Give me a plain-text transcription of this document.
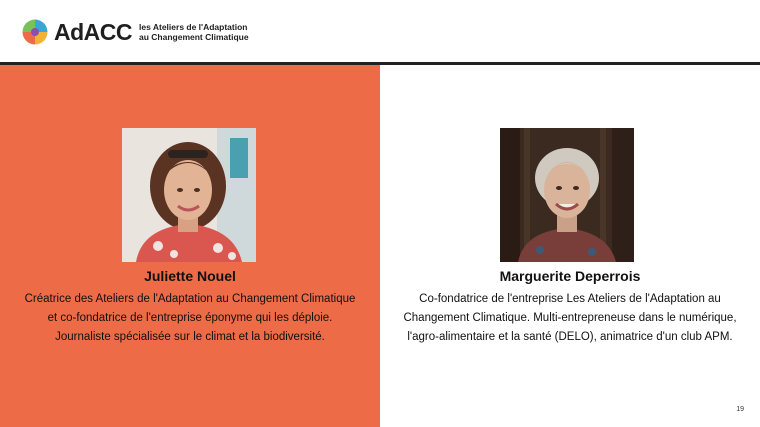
AdACC les Ateliers de l'Adaptation
au Changement Climatique
Juliette Nouel	Marguerite Deperrois
Créatrice des Ateliers de l'Adaptation au Changement Climatique
et co-fondatrice de l'entreprise éponyme qui les déploie.
Journaliste spécialisée sur le climat et la biodiversité.
Co-fondatrice de l'entreprise Les Ateliers de l'Adaptation au
Changement Climatique. Multi-entrepreneuse dans le numérique,
l'agro-alimentaire et la santé (DELO), animatrice d'un club APM.
19
